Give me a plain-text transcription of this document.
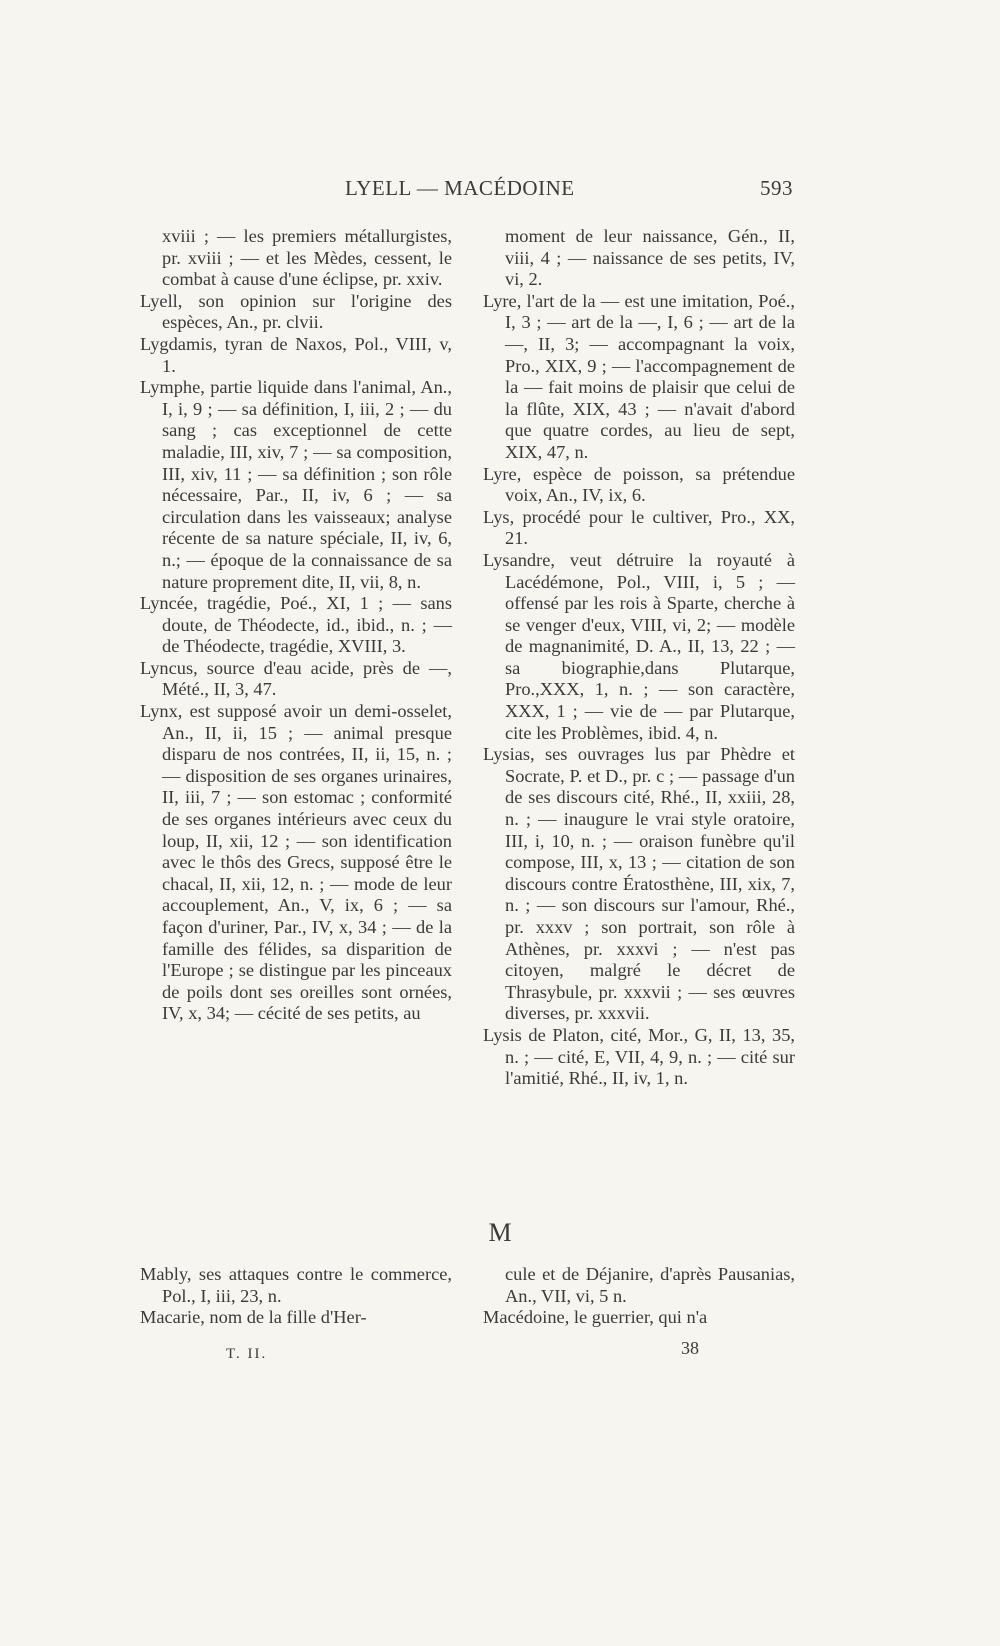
LYELL — MACÉDOINE	593

xviii ; — les premiers métallurgistes, pr. xviii ; — et les Mèdes, cessent, le combat à cause d'une éclipse, pr. xxiv.

Lyell, son opinion sur l'origine des espèces, An., pr. clvii.

Lygdamis, tyran de Naxos, Pol., VIII, v, 1.

Lymphe, partie liquide dans l'animal, An., I, i, 9 ; — sa définition, I, iii, 2 ; — du sang ; cas exceptionnel de cette maladie, III, xiv, 7 ; — sa composition, III, xiv, 11 ; — sa définition ; son rôle nécessaire, Par., II, iv, 6 ; — sa circulation dans les vaisseaux; analyse récente de sa nature spéciale, II, iv, 6, n.; — époque de la connaissance de sa nature proprement dite, II, vii, 8, n.

Lyncée, tragédie, Poé., XI, 1 ; — sans doute, de Théodecte, id., ibid., n. ; — de Théodecte, tragédie, XVIII, 3.

Lyncus, source d'eau acide, près de —, Mété., II, 3, 47.

Lynx, est supposé avoir un demi-osselet, An., II, ii, 15 ; — animal presque disparu de nos contrées, II, ii, 15, n. ; — disposition de ses organes urinaires, II, iii, 7 ; — son estomac ; conformité de ses organes intérieurs avec ceux du loup, II, xii, 12 ; — son identification avec le thôs des Grecs, supposé être le chacal, II, xii, 12, n. ; — mode de leur accouplement, An., V, ix, 6 ; — sa façon d'uriner, Par., IV, x, 34 ; — de la famille des félides, sa disparition de l'Europe ; se distingue par les pinceaux de poils dont ses oreilles sont ornées, IV, x, 34; — cécité de ses petits, au

moment de leur naissance, Gén., II, viii, 4 ; — naissance de ses petits, IV, vi, 2.

Lyre, l'art de la — est une imitation, Poé., I, 3 ; — art de la —, I, 6 ; — art de la —, II, 3; — accompagnant la voix, Pro., XIX, 9 ; — l'accompagnement de la — fait moins de plaisir que celui de la flûte, XIX, 43 ; — n'avait d'abord que quatre cordes, au lieu de sept, XIX, 47, n.

Lyre, espèce de poisson, sa prétendue voix, An., IV, ix, 6.

Lys, procédé pour le cultiver, Pro., XX, 21.

Lysandre, veut détruire la royauté à Lacédémone, Pol., VIII, i, 5 ; — offensé par les rois à Sparte, cherche à se venger d'eux, VIII, vi, 2; — modèle de magnanimité, D. A., II, 13, 22 ; — sa biographie,dans Plutarque, Pro.,XXX, 1, n. ; — son caractère, XXX, 1 ; — vie de — par Plutarque, cite les Problèmes, ibid. 4, n.

Lysias, ses ouvrages lus par Phèdre et Socrate, P. et D., pr. c ; — passage d'un de ses discours cité, Rhé., II, xxiii, 28, n. ; — inaugure le vrai style oratoire, III, i, 10, n. ; — oraison funèbre qu'il compose, III, x, 13 ; — citation de son discours contre Ératosthène, III, xix, 7, n. ; — son discours sur l'amour, Rhé., pr. xxxv ; son portrait, son rôle à Athènes, pr. xxxvi ; — n'est pas citoyen, malgré le décret de Thrasybule, pr. xxxvii ; — ses œuvres diverses, pr. xxxvii.

Lysis de Platon, cité, Mor., G, II, 13, 35, n. ; — cité, E, VII, 4, 9, n. ; — cité sur l'amitié, Rhé., II, iv, 1, n.

M

Mably, ses attaques contre le commerce, Pol., I, iii, 23, n.

Macarie, nom de la fille d'Her-

cule et de Déjanire, d'après Pausanias, An., VII, vi, 5 n.

Macédoine, le guerrier, qui n'a

T. II.	38
